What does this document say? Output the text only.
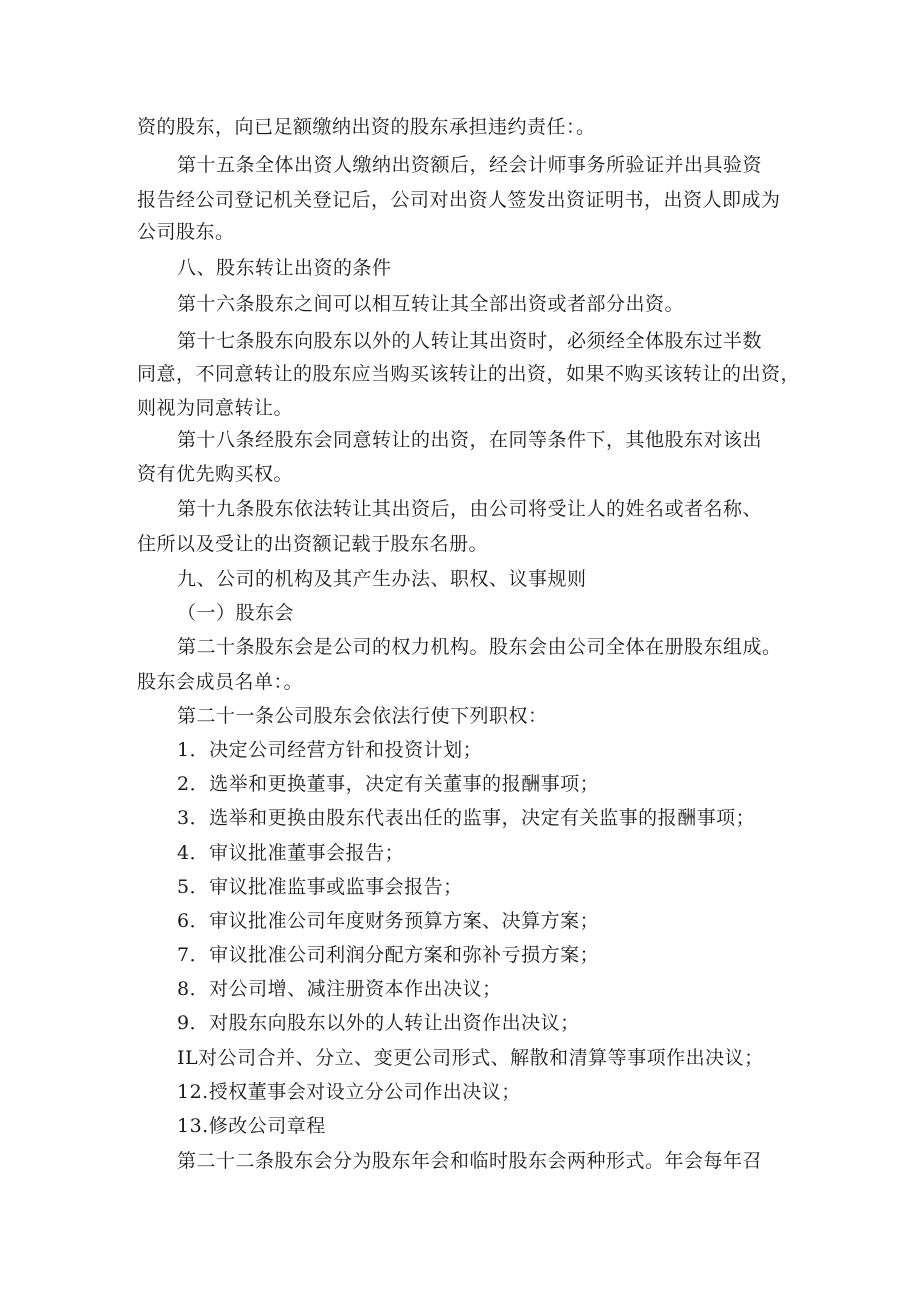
资的股东，向已足额缴纳出资的股东承担违约责任：。
第十五条全体出资人缴纳出资额后，经会计师事务所验证并出具验资
报告经公司登记机关登记后，公司对出资人签发出资证明书，出资人即成为
公司股东。
八、股东转让出资的条件
第十六条股东之间可以相互转让其全部出资或者部分出资。
第十七条股东向股东以外的人转让其出资时，必须经全体股东过半数
同意，不同意转让的股东应当购买该转让的出资，如果不购买该转让的出资，
则视为同意转让。
第十八条经股东会同意转让的出资，在同等条件下，其他股东对该出
资有优先购买权。
第十九条股东依法转让其出资后，由公司将受让人的姓名或者名称、
住所以及受让的出资额记载于股东名册。
九、公司的机构及其产生办法、职权、议事规则
（一）股东会
第二十条股东会是公司的权力机构。股东会由公司全体在册股东组成。
股东会成员名单：。
第二十一条公司股东会依法行使下列职权：
1．决定公司经营方针和投资计划；
2．选举和更换董事，决定有关董事的报酬事项；
3．选举和更换由股东代表出任的监事，决定有关监事的报酬事项；
4．审议批准董事会报告；
5．审议批准监事或监事会报告；
6．审议批准公司年度财务预算方案、决算方案；
7．审议批准公司利润分配方案和弥补亏损方案；
8．对公司增、减注册资本作出决议；
9．对股东向股东以外的人转让出资作出决议；
IL对公司合并、分立、变更公司形式、解散和清算等事项作出决议；
12.授权董事会对设立分公司作出决议；
13.修改公司章程
第二十二条股东会分为股东年会和临时股东会两种形式。年会每年召
